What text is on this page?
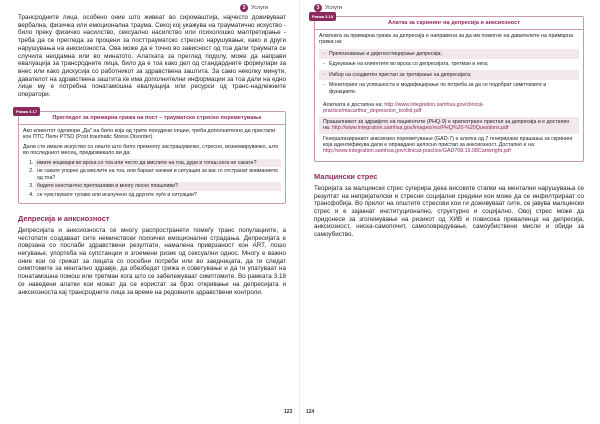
3	Услуги

Трансродните лица, особено оние што живеат во сиромаштија, најчесто доживуваат вербална, физичка или емоционална траума. Секој кој укажува на трауматично искуство - било преку физичко насилство, сексуално насилство или психолошко малтретирање - треба да се прегледа за процени за посттрауматско стресно нарушување, како и други нарушувања на анксиозноста. Ова може да е точно во зависност од тоа дали траумата се случила неодамна или во минатото. Алатката за преглед подолу, може да направи евалуација за трансродните лица, било да е тоа како дел од стандардните формулари за внес или како дискусија со работникот за здравствена заштита. За само неколку минути, давателот на здравствена заштита ќе има дополнителни информации за тоа дали на едно лице му е потребна понатамошна евалуација или ресурси од транс-надлежните оператори.

Рамка 3.17
Прегледот за примарна грижа на пост – трауматско стресно пореметување

Ако клиентот одговори „Да" на било која од трите понудени опции, треба дополнително да пристапи кон ПТС Пелн PTSD (Post traumatic Stress Disorder).

Дали сте имале искуство со нешто што било премногу застрашувачко, стресно, вознемирувачко, што во последниот месец, предизвикало ви да:

1. имате кошмари во врска со тоа или често да мислите на тоа, дури и тогаш кога не сакате?
2. не сакате упорно да мислите на тоа, или бараат начини и ситуации за вас го отстранат вниманието од тоа?
3. бидете константно претпазливи и многу лесно плашливи?
4. се чувствувате тупаво или исклучено од другите луѓе и ситуации?
Депресија и анксиозност

Депресијата и анксиозноста се многу распространети помеѓу транс популациите, а честопати создаваат сите неминствски психички емоционални страдања. Депресијата е поврзана со послаби здравствени резултати, намалена приврзаност кон ART, лошо негување, упортеба на супстанции и згоемени ризик од сексуални однос. Многу е важно оние кои се грижат за лицата со посебни потреби или во заедницата, да ги следат симптомите за ментално здравје, да обезбедат грижа и советување и да ги упатуваат на понатамошна помош или третман кога што се забележуваат симптомите. Во рамката 3.18 се наведени алатки кои можат да се користат за брзо откривање на депресијата и анксиозноста кај трансродните лица за време на редовните здравствени контроли.

123
3	Услуги
Рамка 3.18
Алатка за скрининг на депресија и анксиозност

Алатката за примарна грижа за депресија е направена за да им помогне на давателите на примарна грижа на:

- Препознавање и дијагностицирање депресија;
- Едукување на клиентите во врска со депресијата, третман и нега;
- Избор на соодветен пристап за третирање на депресијата;
- Мониторинг на успешноста и модифицирање по потреба за да се подобрат симптомите и функциите.
Алатката е достапна на: http://www.integration.samhsa.gov/clinical-practice/macarthur_depression_toolkit.pdf
Прашалникот за здравјето на пациентите (PHQ-9) е краткотраен пристап за депресија и е достапен на: http://www.integration.samhsa.gov/images/res/PHQ%20-%20Questions.pdf
Генерализираниот анксиозен пореметување (GAD-7) е алатка од 7 генерирани прашања за скрининг која идентификува дали е оправдано целосно пристап за анксиозност. Достапно е на: http://www.integration.samhsa.gov/clinical-practice/GAD708.19.08Cartwright.pdf
Малцински стрес

Теоријата за малцински стрес сугерира дека високите стапки на ментални нарушувања се резултат на непријателски и стресни социјални средини кои може да се инфилтрираат со трансфобија. Во прилог на општите стресови кои ги доживуваат сите, се јавува малцински стрес и е зајакнат институционално, структурно и социјално. Овој стрес може да придонесе за зголемување на ризикот од ХИВ и повисока преваленца на депресија, анксиозност, ниска-самопочит, самоповредување, самоубиствени мисли и обиди за самоубиство.

124
